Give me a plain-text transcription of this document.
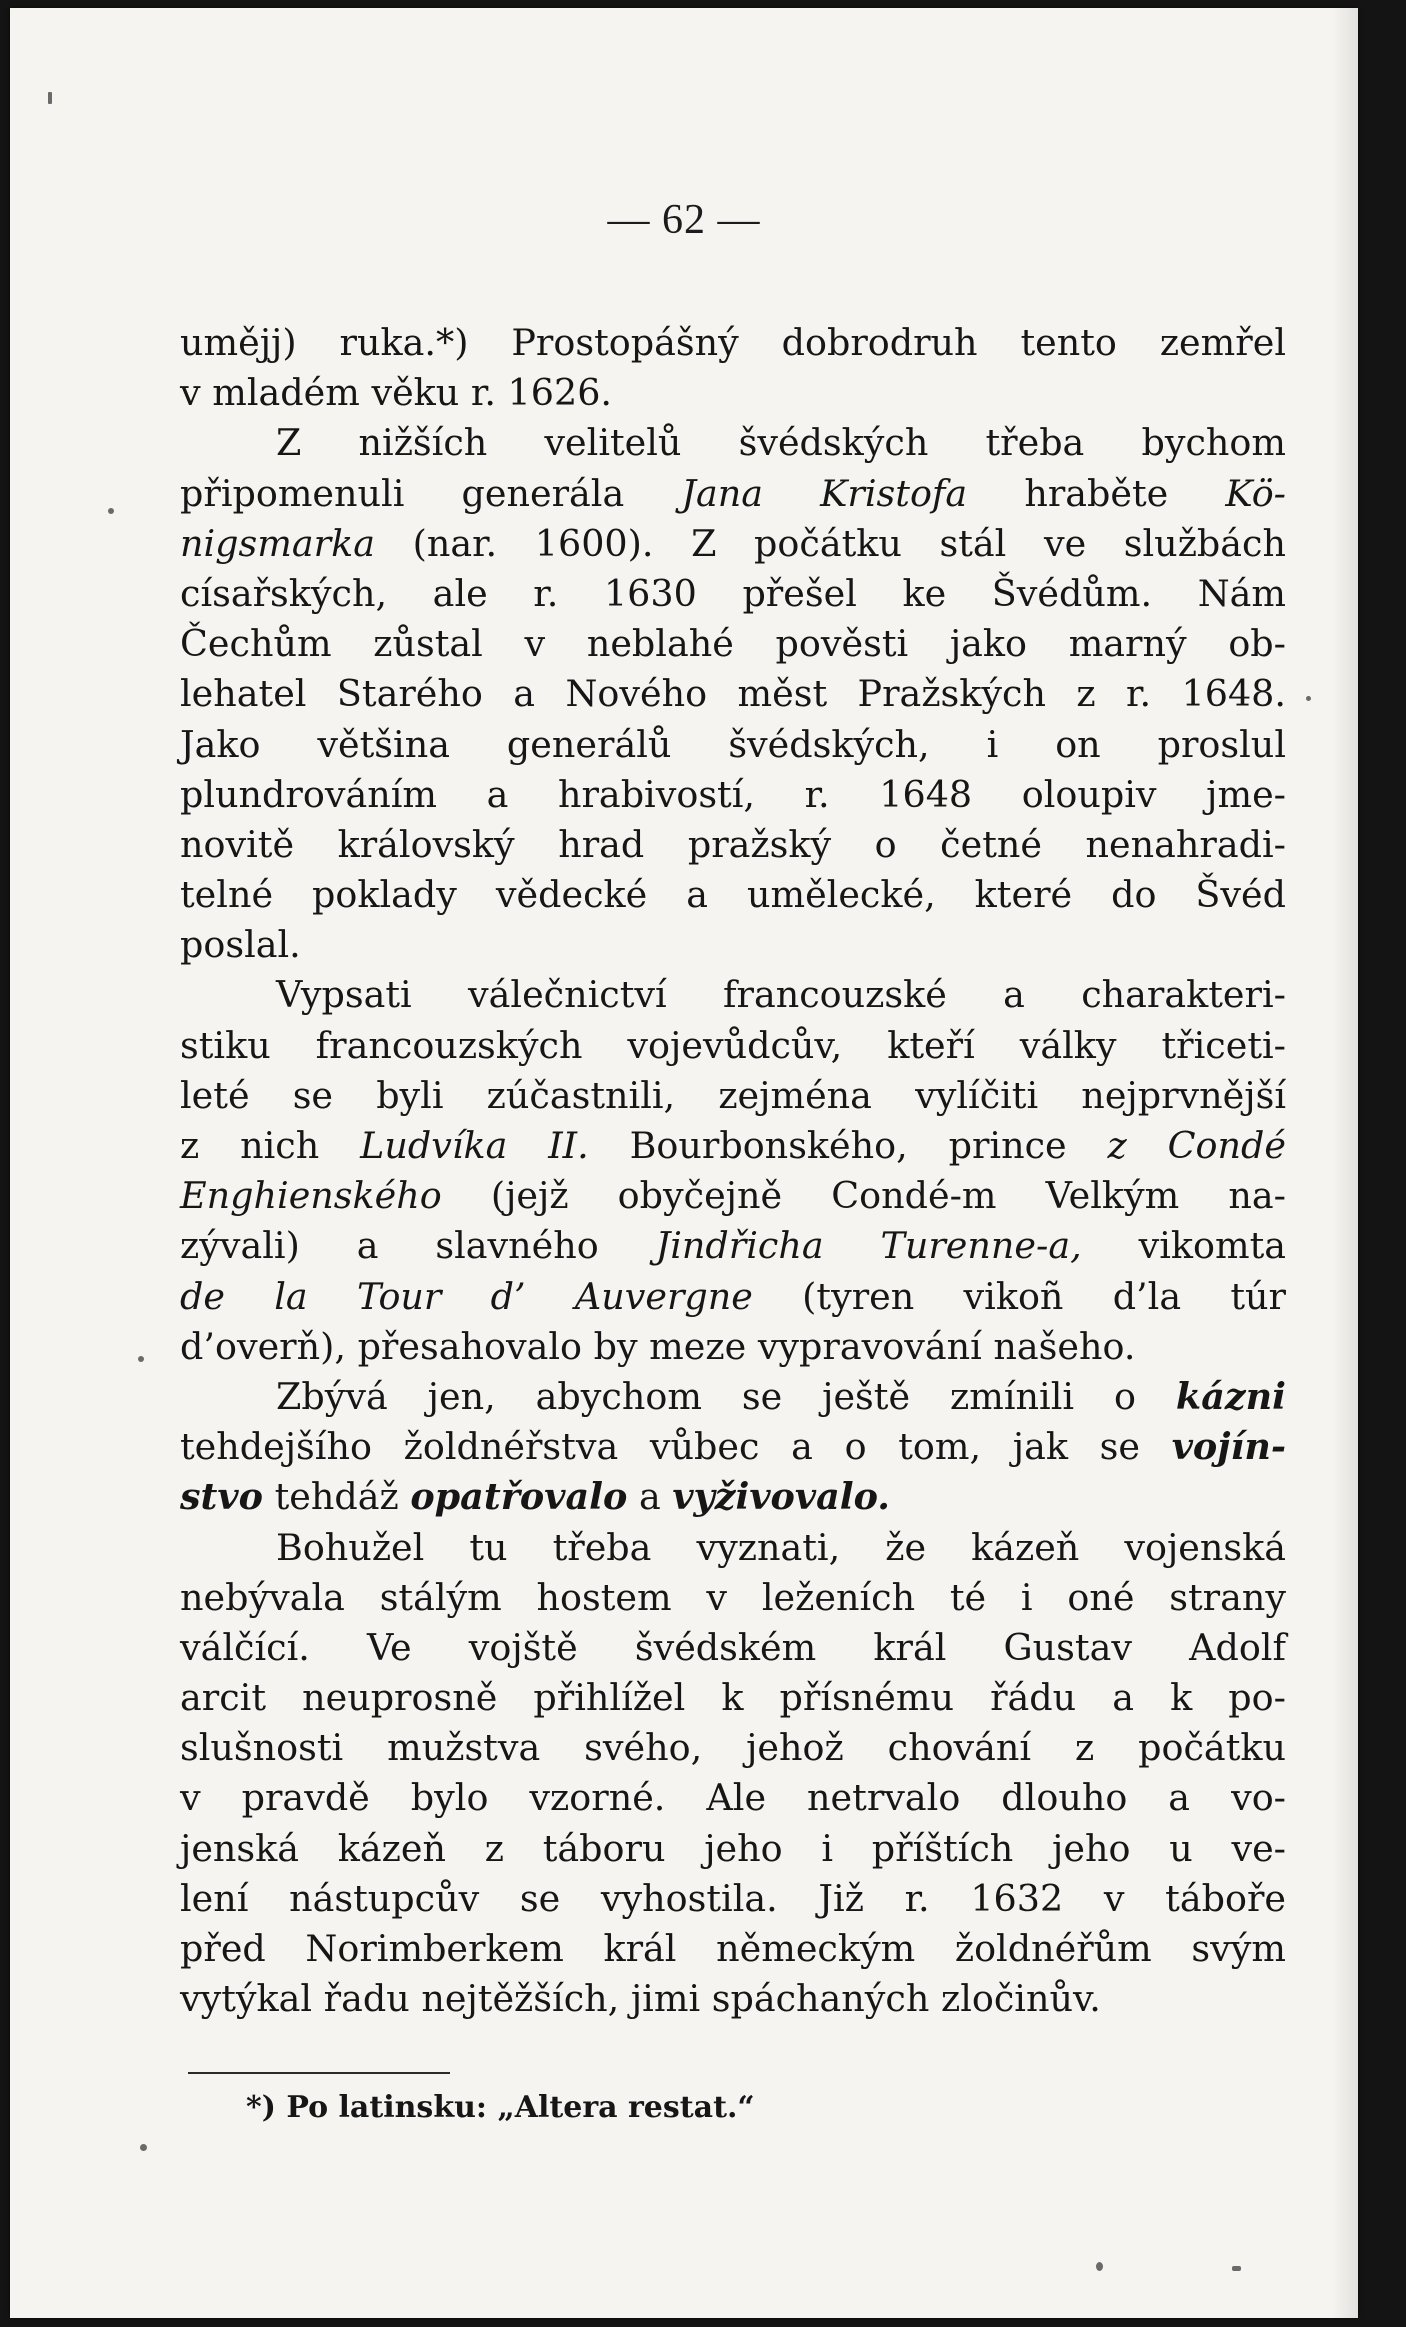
— 62 —
umějj) ruka.*) Prostopášný dobrodruh tento zemřel
v mladém věku r. 1626.
Z nižších velitelů švédských třeba bychom
připomenuli generála Jana Kristofa hraběte Kö-
nigsmarka (nar. 1600). Z počátku stál ve službách
císařských, ale r. 1630 přešel ke Švédům. Nám
Čechům zůstal v neblahé pověsti jako marný ob-
lehatel Starého a Nového měst Pražských z r. 1648.
Jako většina generálů švédských, i on proslul
plundrováním a hrabivostí, r. 1648 oloupiv jme-
novitě královský hrad pražský o četné nenahradi-
telné poklady vědecké a umělecké, které do Švéd
poslal.
Vypsati válečnictví francouzské a charakteri-
stiku francouzských vojevůdcův, kteří války třiceti-
leté se byli zúčastnili, zejména vylíčiti nejprvnější
z nich Ludvíka II. Bourbonského, prince z Condé
Enghienského (jejž obyčejně Condé-m Velkým na-
zývali) a slavného Jindřicha Turenne-a, vikomta
de la Tour d’ Auvergne (tyren vikoñ d’la túr
d’overň), přesahovalo by meze vypravování našeho.
Zbývá jen, abychom se ještě zmínili o kázni
tehdejšího žoldnéřstva vůbec a o tom, jak se vojín-
stvo tehdáž opatřovalo a vyživovalo.
Bohužel tu třeba vyznati, že kázeň vojenská
nebývala stálým hostem v leženích té i oné strany
válčící. Ve vojště švédském král Gustav Adolf
arcit neuprosně přihlížel k přísnému řádu a k po-
slušnosti mužstva svého, jehož chování z počátku
v pravdě bylo vzorné. Ale netrvalo dlouho a vo-
jenská kázeň z táboru jeho i příštích jeho u ve-
lení nástupcův se vyhostila. Již r. 1632 v táboře
před Norimberkem král německým žoldnéřům svým
vytýkal řadu nejtěžších, jimi spáchaných zločinův.
*) Po latinsku: „Altera restat.“
